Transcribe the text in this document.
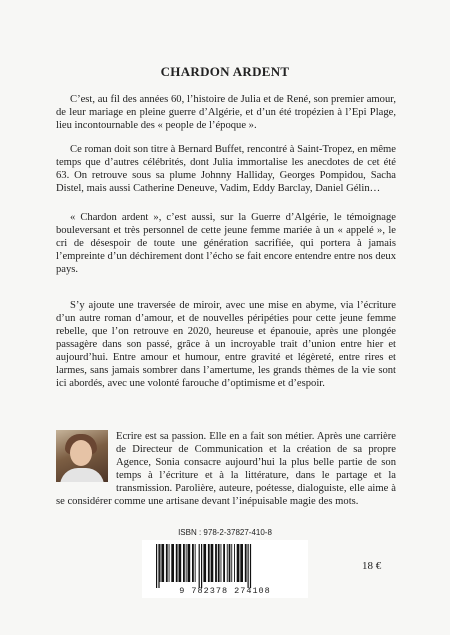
CHARDON ARDENT

C’est, au fil des années 60, l’histoire de Julia et de René, son premier amour, de leur mariage en pleine guerre d’Algérie, et d’un été tropézien à l’Epi Plage, lieu incontournable des « people de l’époque ».

Ce roman doit son titre à Bernard Buffet, rencontré à Saint-Tropez, en même temps que d’autres célébrités, dont Julia immortalise les anecdotes de cet été 63. On retrouve sous sa plume Johnny Halliday, Georges Pompidou, Sacha Distel, mais aussi Catherine Deneuve, Vadim, Eddy Barclay, Daniel Gélin…

« Chardon ardent », c’est aussi, sur la Guerre d’Algérie, le témoignage bouleversant et très personnel de cette jeune femme mariée à un « appelé », le cri de désespoir de toute une génération sacrifiée, qui portera à jamais l’empreinte d’un déchirement dont l’écho se fait encore entendre entre nos deux pays.

S’y ajoute une traversée de miroir, avec une mise en abyme, via l’écriture d’un autre roman d’amour, et de nouvelles péripéties pour cette jeune femme rebelle, que l’on retrouve en 2020, heureuse et épanouie, après une plongée passagère dans son passé, grâce à un incroyable trait d’union entre hier et aujourd’hui. Entre amour et humour, entre gravité et légèreté, entre rires et larmes, sans jamais sombrer dans l’amertume, les grands thèmes de la vie sont ici abordés, avec une volonté farouche d’optimisme et d’espoir.

Ecrire est sa passion. Elle en a fait son métier. Après une carrière de Directeur de Communication et la création de sa propre Agence, Sonia consacre aujourd’hui la plus belle partie de son temps à l’écriture et à la littérature, dans le partage et la transmission. Parolière, auteure, poétesse, dialoguiste, elle aime à se considérer comme une artisane devant l’inépuisable magie des mots.
ISBN : 978-2-37827-410-8
9 782378 274108
18 €
